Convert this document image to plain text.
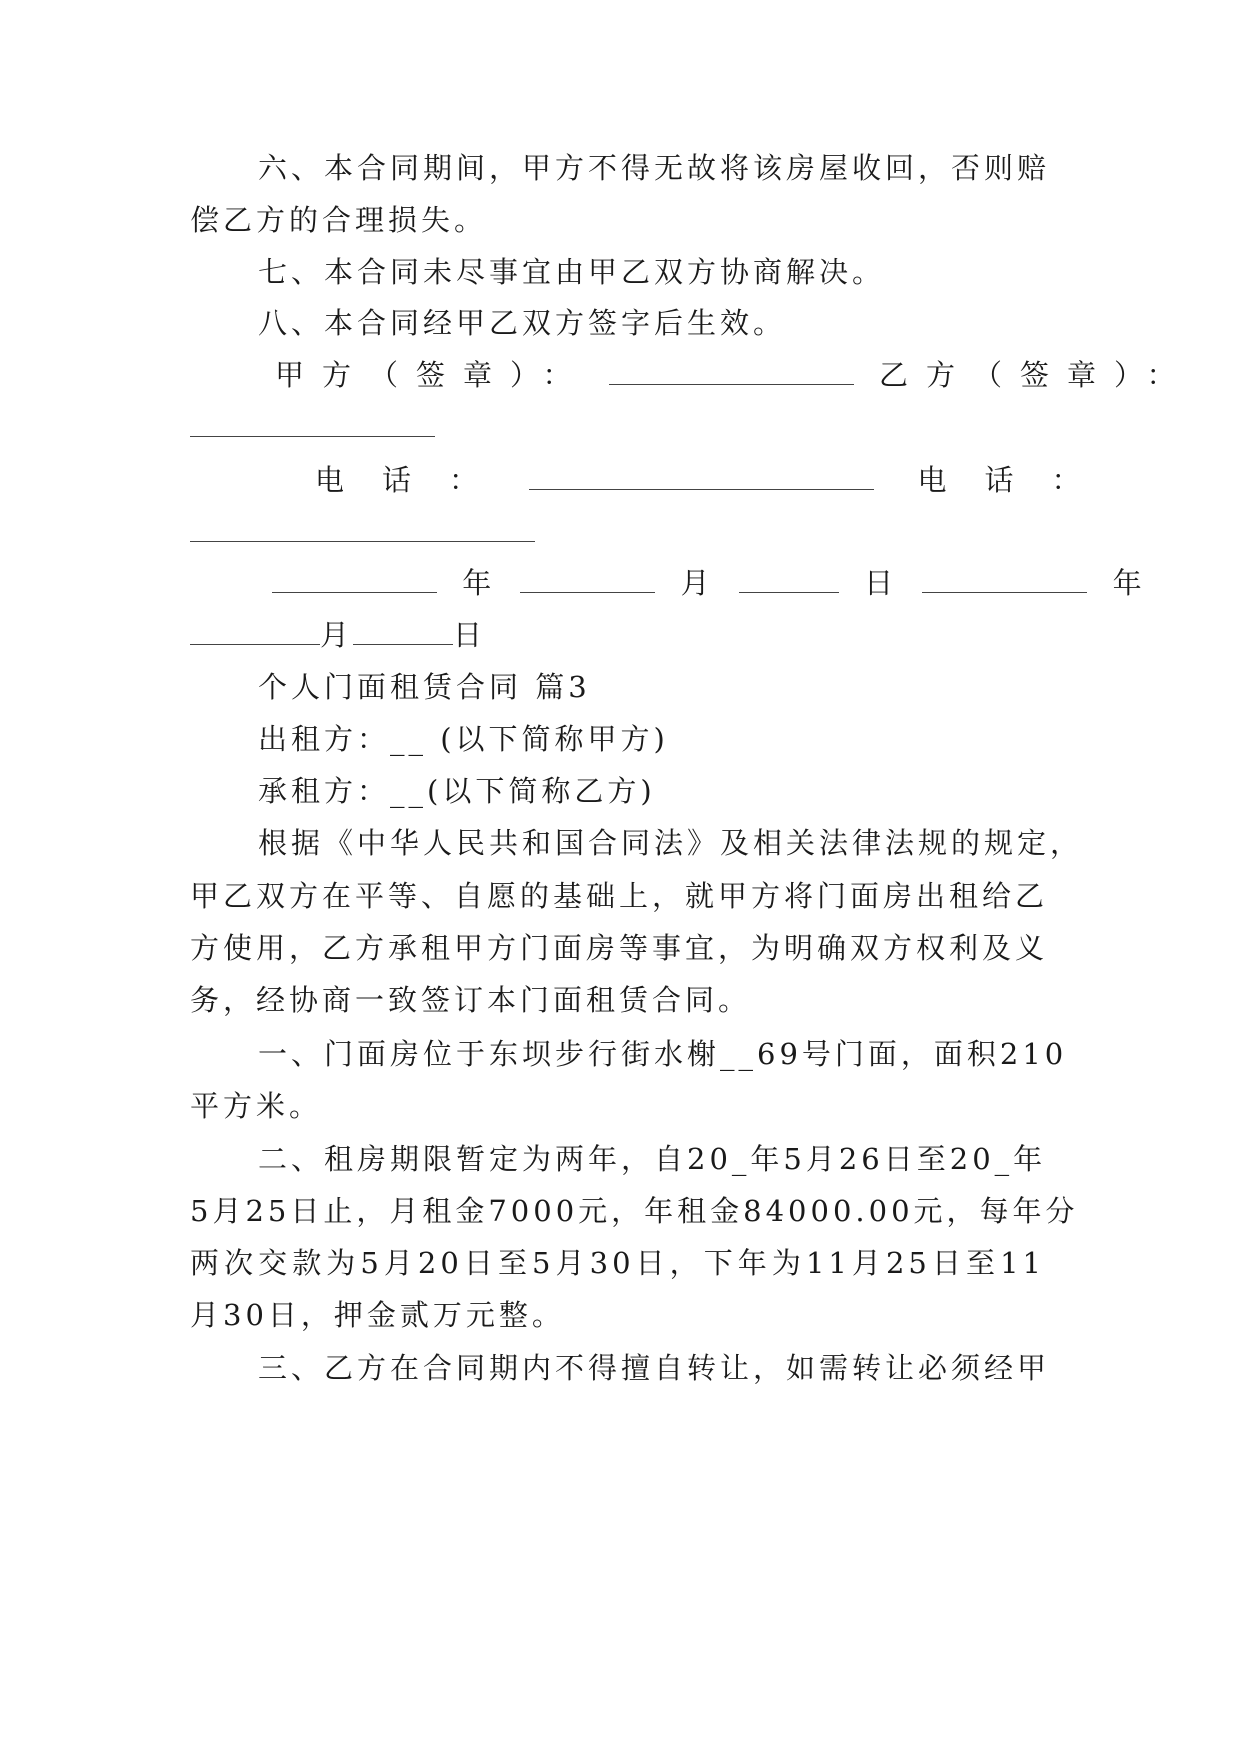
六、本合同期间，甲方不得无故将该房屋收回，否则赔
偿乙方的合理损失。
七、本合同未尽事宜由甲乙双方协商解决。
八、本合同经甲乙双方签字后生效。
甲方（签章）：	乙方（签章）：
电话：	电话：
年	月	日	年
月	日
个人门面租赁合同 篇3
出租方：__ (以下简称甲方)
承租方：__(以下简称乙方)
根据《中华人民共和国合同法》及相关法律法规的规定，
甲乙双方在平等、自愿的基础上，就甲方将门面房出租给乙
方使用，乙方承租甲方门面房等事宜，为明确双方权利及义
务，经协商一致签订本门面租赁合同。
一、门面房位于东坝步行街水榭__69号门面，面积210
平方米。
二、租房期限暂定为两年，自20_年5月26日至20_年
5月25日止，月租金7000元，年租金84000.00元，每年分
两次交款为5月20日至5月30日，下年为11月25日至11
月30日，押金贰万元整。
三、乙方在合同期内不得擅自转让，如需转让必须经甲
